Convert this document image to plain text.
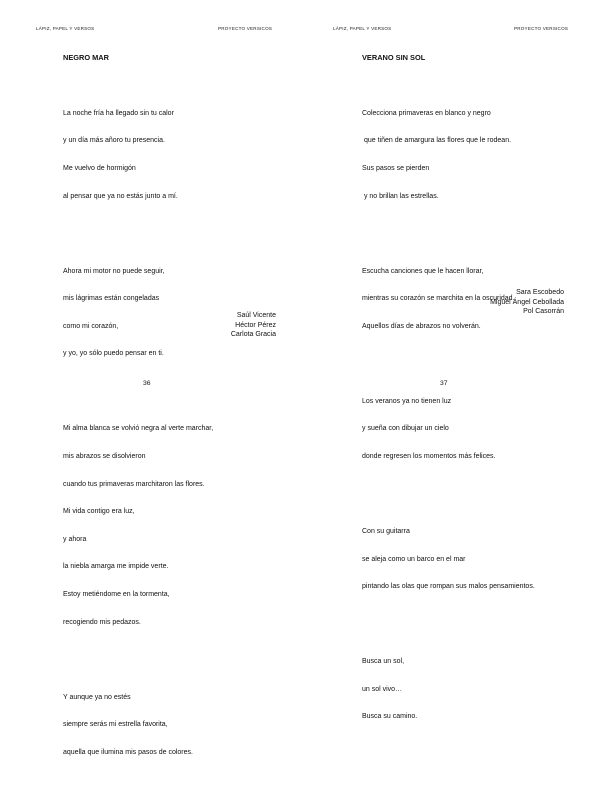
LÁPIZ, PAPEL Y VERSOS	PROYECTO VERSICOS
NEGRO MAR

La noche fría ha llegado sin tu calor

y un día más añoro tu presencia.

Me vuelvo de hormigón

al pensar que ya no estás junto a mí.

Ahora mi motor no puede seguir,

mis lágrimas están congeladas

como mi corazón,

y yo, yo sólo puedo pensar en ti.

Mi alma blanca se volvió negra al verte marchar,

mis abrazos se disolvieron

cuando tus primaveras marchitaron las flores.

Mi vida contigo era luz,

y ahora

la niebla amarga me impide verte.

Estoy metiéndome en la tormenta,

recogiendo mis pedazos.

Y aunque ya no estés

siempre serás mi estrella favorita,

aquella que ilumina mis pasos de colores.

Saúl Vicente
Héctor Pérez
Carlota Gracia
36
LÁPIZ, PAPEL Y VERSOS	PROYECTO VERSICOS
VERANO SIN SOL

Colecciona primaveras en blanco y negro

que tiñen de amargura las flores que le rodean.

Sus pasos se pierden

y no brillan las estrellas.

Escucha canciones que le hacen llorar,

mientras su corazón se marchita en la oscuridad.

Aquellos días de abrazos no volverán.

Los veranos ya no tienen luz

y sueña con dibujar un cielo

donde regresen los momentos más felices.

Con su guitarra

se aleja como un barco en el mar

pintando las olas que rompan sus malos pensamientos.

Busca un sol,

un sol vivo…

Busca su camino.

Sara Escobedo
Miguel Ángel Cebollada
Pol Casorrán
37
